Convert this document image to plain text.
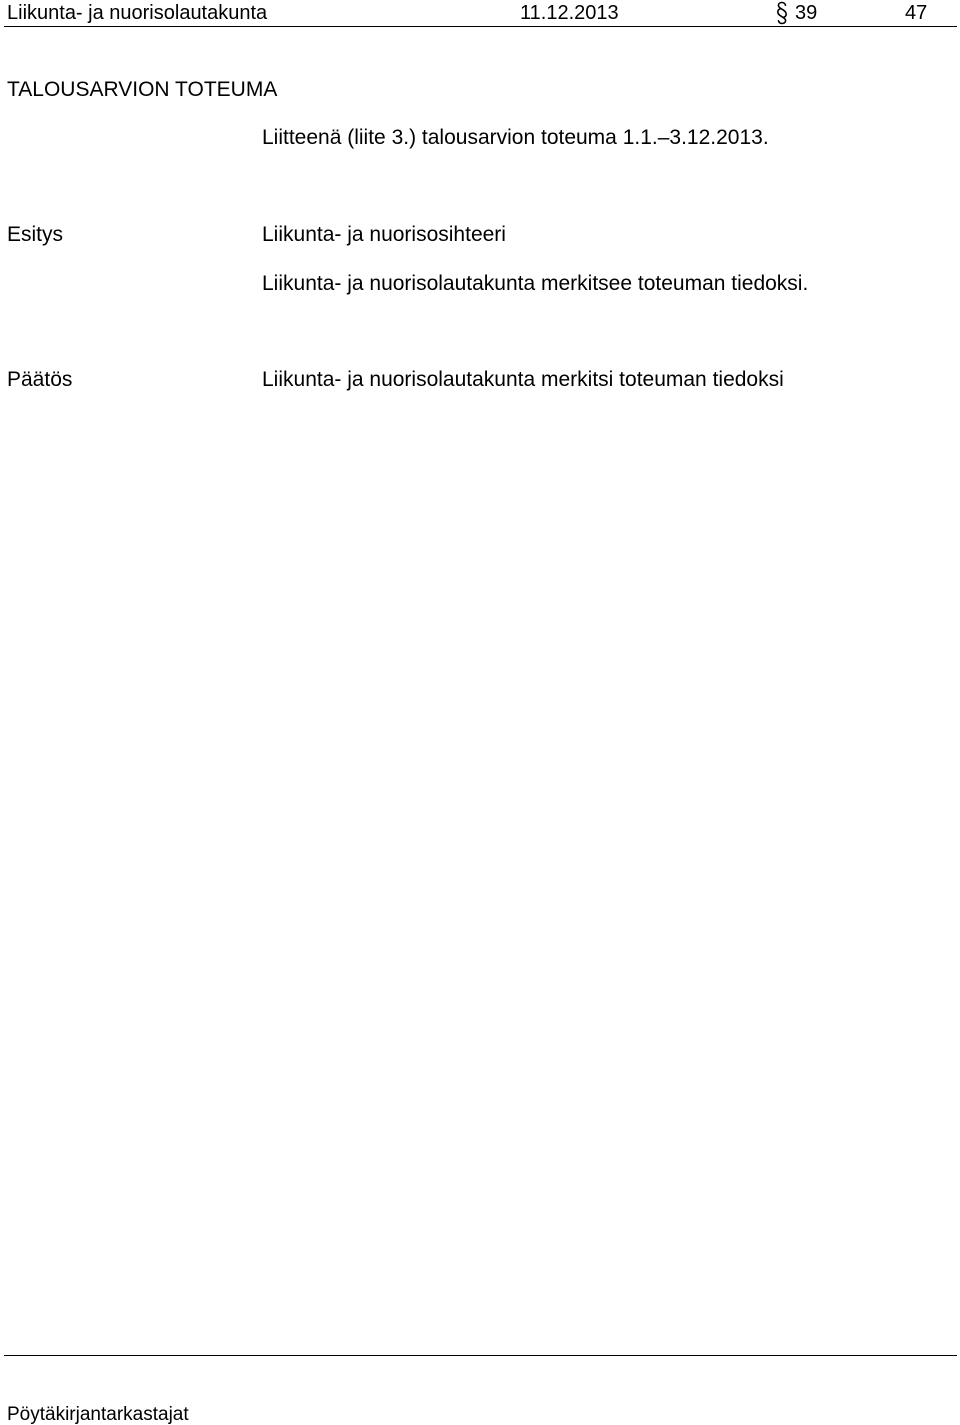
Liikunta- ja nuorisolautakunta	11.12.2013	39	47
TALOUSARVION TOTEUMA
Liitteenä (liite 3.) talousarvion toteuma 1.1.–3.12.2013.
Esitys	Liikunta- ja nuorisosihteeri
Liikunta- ja nuorisolautakunta merkitsee toteuman tiedoksi.
Päätös	Liikunta- ja nuorisolautakunta merkitsi toteuman tiedoksi
Pöytäkirjantarkastajat
